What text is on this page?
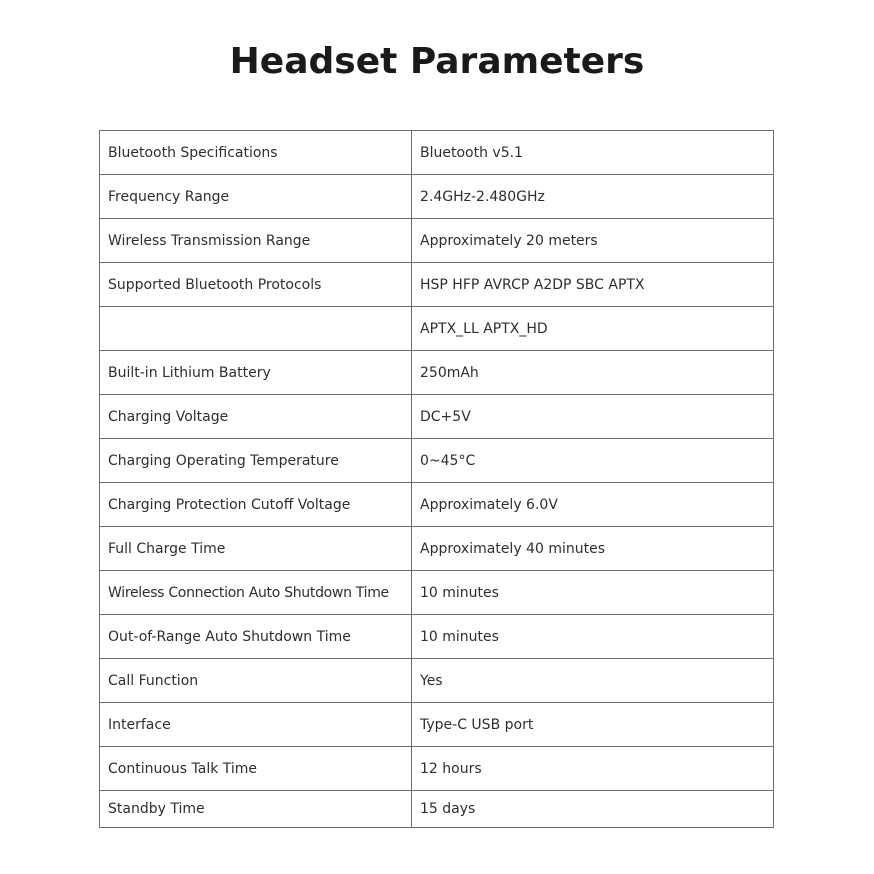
Headset Parameters
Bluetooth Specifications	Bluetooth v5.1
Frequency Range	2.4GHz-2.480GHz
Wireless Transmission Range	Approximately 20 meters
Supported Bluetooth Protocols	HSP HFP AVRCP A2DP SBC APTX
	APTX_LL APTX_HD
Built-in Lithium Battery	250mAh
Charging Voltage	DC+5V
Charging Operating Temperature	0~45°C
Charging Protection Cutoff Voltage	Approximately 6.0V
Full Charge Time	Approximately 40 minutes
Wireless Connection Auto Shutdown Time	10 minutes
Out-of-Range Auto Shutdown Time	10 minutes
Call Function	Yes
Interface	Type-C USB port
Continuous Talk Time	12 hours
Standby Time	15 days
